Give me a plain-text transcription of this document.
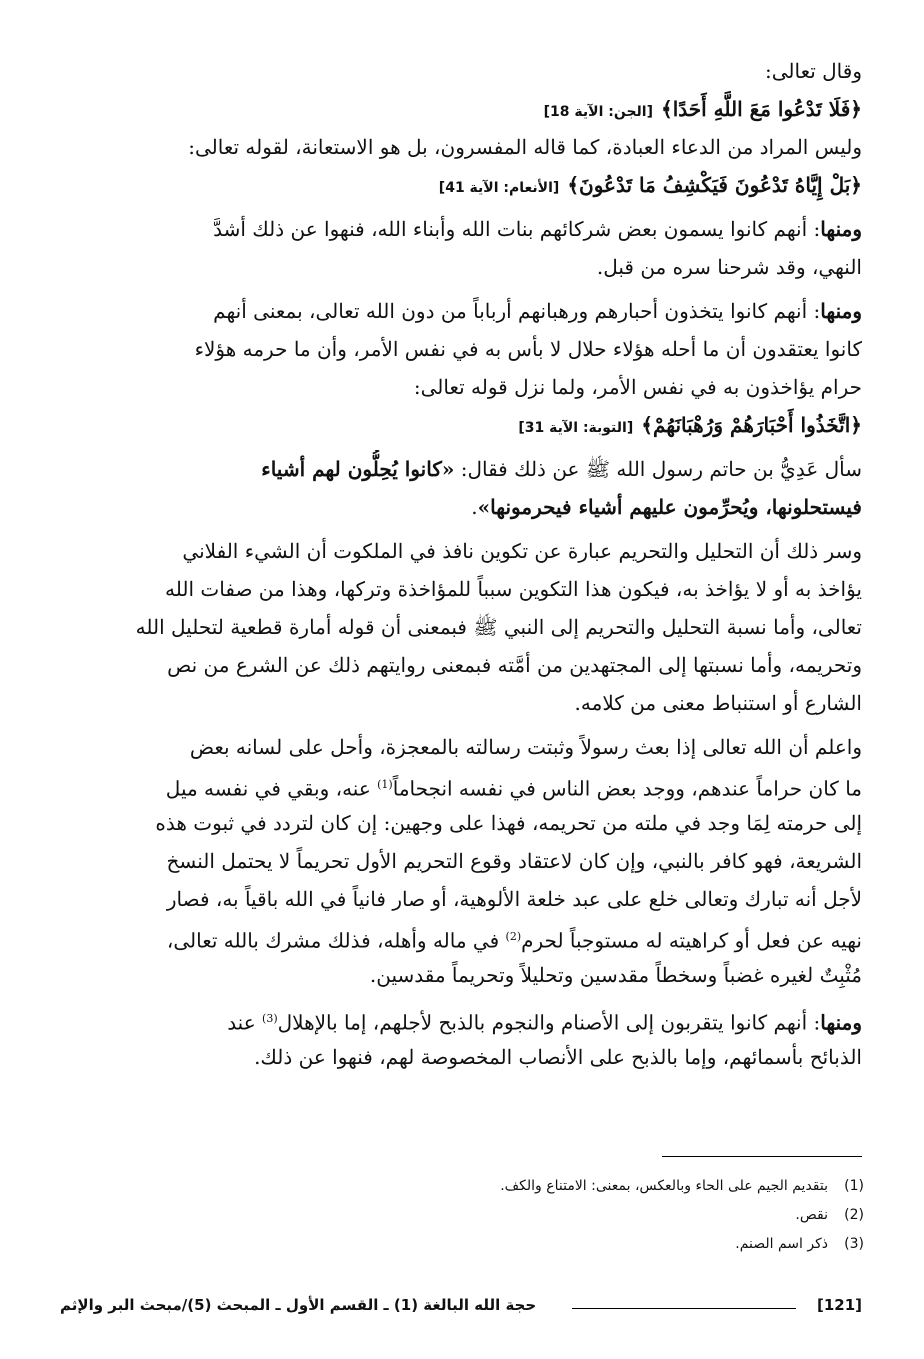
وقال تعالى:
﴿فَلَا تَدْعُوا مَعَ اللَّهِ أَحَدًا﴾[الجن: الآية 18]
وليس المراد من الدعاء العبادة، كما قاله المفسرون، بل هو الاستعانة، لقوله تعالى:
﴿بَلْ إِيَّاهُ تَدْعُونَ فَيَكْشِفُ مَا تَدْعُونَ﴾[الأنعام: الآية 41]
ومنها: أنهم كانوا يسمون بعض شركائهم بنات الله وأبناء الله، فنهوا عن ذلك أشدَّ
النهي، وقد شرحنا سره من قبل.
ومنها: أنهم كانوا يتخذون أحبارهم ورهبانهم أرباباً من دون الله تعالى، بمعنى أنهم
كانوا يعتقدون أن ما أحله هؤلاء حلال لا بأس به في نفس الأمر، وأن ما حرمه هؤلاء
حرام يؤاخذون به في نفس الأمر، ولما نزل قوله تعالى:
﴿اتَّخَذُوا أَحْبَارَهُمْ وَرُهْبَانَهُمْ﴾[التوبة: الآية 31]
سأل عَدِيُّ بن حاتم رسول الله ﷺ عن ذلك فقال: «كانوا يُحِلُّون لهم أشياء
فيستحلونها، ويُحرِّمون عليهم أشياء فيحرمونها».
وسر ذلك أن التحليل والتحريم عبارة عن تكوين نافذ في الملكوت أن الشيء الفلاني
يؤاخذ به أو لا يؤاخذ به، فيكون هذا التكوين سبباً للمؤاخذة وتركها، وهذا من صفات الله
تعالى، وأما نسبة التحليل والتحريم إلى النبي ﷺ فبمعنى أن قوله أمارة قطعية لتحليل الله
وتحريمه، وأما نسبتها إلى المجتهدين من أمَّته فبمعنى روايتهم ذلك عن الشرع من نص
الشارع أو استنباط معنى من كلامه.
واعلم أن الله تعالى إذا بعث رسولاً وثبتت رسالته بالمعجزة، وأحل على لسانه بعض
ما كان حراماً عندهم، ووجد بعض الناس في نفسه انجحاماً$^{(1)}$ عنه، وبقي في نفسه ميل
إلى حرمته لِمَا وجد في ملته من تحريمه، فهذا على وجهين: إن كان لتردد في ثبوت هذه
الشريعة، فهو كافر بالنبي، وإن كان لاعتقاد وقوع التحريم الأول تحريماً لا يحتمل النسخ
لأجل أنه تبارك وتعالى خلع على عبد خلعة الألوهية، أو صار فانياً في الله باقياً به، فصار
نهيه عن فعل أو كراهيته له مستوجباً لحرم$^{(2)}$ في ماله وأهله، فذلك مشرك بالله تعالى،
مُثْبِتٌ لغيره غضباً وسخطاً مقدسين وتحليلاً وتحريماً مقدسين.
ومنها: أنهم كانوا يتقربون إلى الأصنام والنجوم بالذبح لأجلهم، إما بالإهلال$^{(3)}$ عند
الذبائح بأسمائهم، وإما بالذبح على الأنصاب المخصوصة لهم، فنهوا عن ذلك.
(1)بتقديم الجيم على الحاء وبالعكس، بمعنى: الامتناع والكف.
(2)نقص.
(3)ذكر اسم الصنم.
[121]
حجة الله البالغة (1) ـ القسم الأول ـ المبحث (5)/مبحث البر والإثم
